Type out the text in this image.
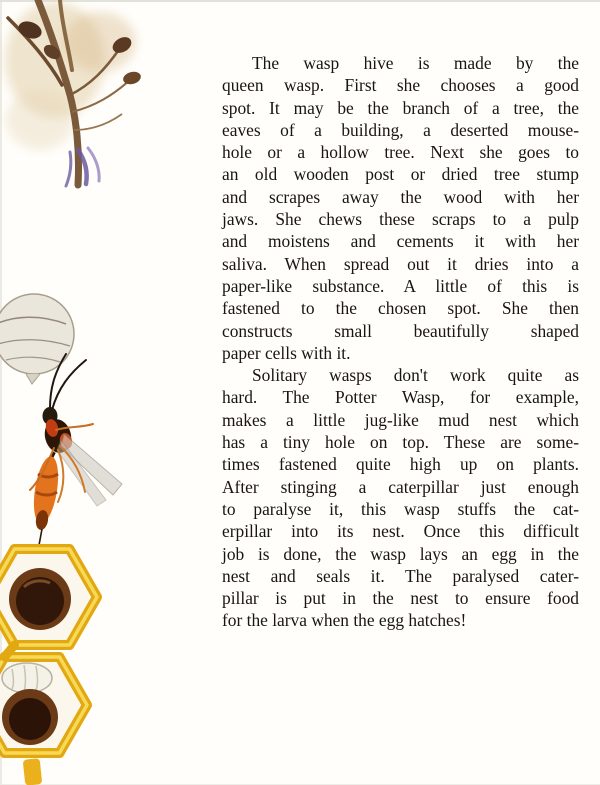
The wasp hive is made by the
queen wasp. First she chooses a good
spot. It may be the branch of a tree, the
eaves of a building, a deserted mouse-
hole or a hollow tree. Next she goes to
an old wooden post or dried tree stump
and scrapes away the wood with her
jaws. She chews these scraps to a pulp
and moistens and cements it with her
saliva. When spread out it dries into a
paper-like substance. A little of this is
fastened to the chosen spot. She then
constructs small beautifully shaped
paper cells with it.
Solitary wasps don't work quite as
hard. The Potter Wasp, for example,
makes a little jug-like mud nest which
has a tiny hole on top. These are some-
times fastened quite high up on plants.
After stinging a caterpillar just enough
to paralyse it, this wasp stuffs the cat-
erpillar into its nest. Once this difficult
job is done, the wasp lays an egg in the
nest and seals it. The paralysed cater-
pillar is put in the nest to ensure food
for the larva when the egg hatches!
